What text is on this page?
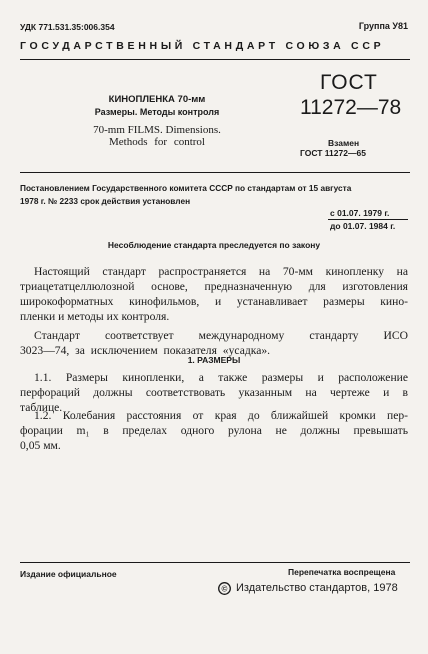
УДК 771.531.35:006.354	Группа У81
ГОСУДАРСТВЕННЫЙ СТАНДАРТ СОЮЗА ССР
КИНОПЛЕНКА 70-мм
Размеры. Методы контроля
70-mm FILMS. Dimensions.
Methods for control
ГОСТ
11272—78
Взамен
ГОСТ 11272—65
Постановлением Государственного комитета СССР по стандартам от 15 августа
1978 г. № 2233 срок действия установлен
с 01.07. 1979 г.
до 01.07. 1984 г.
Несоблюдение стандарта преследуется по закону
Настоящий стандарт распространяется на 70-мм кинопленку на
триацетатцеллюлозной основе, предназначенную для изготовления
широкоформатных кинофильмов, и устанавливает размеры кино-
пленки и методы их контроля.
Стандарт соответствует международному стандарту ИСО
3023—74, за исключением показателя «усадка».
1. РАЗМЕРЫ
1.1. Размеры кинопленки, а также размеры и расположение
перфораций должны соответствовать указанным на чертеже и в
таблице.
1.2. Колебания расстояния от края до ближайшей кромки пер-
форации m₁ в пределах одного рулона не должны превышать
0,05 мм.
Издание официальное	Перепечатка воспрещена
© Издательство стандартов, 1978
